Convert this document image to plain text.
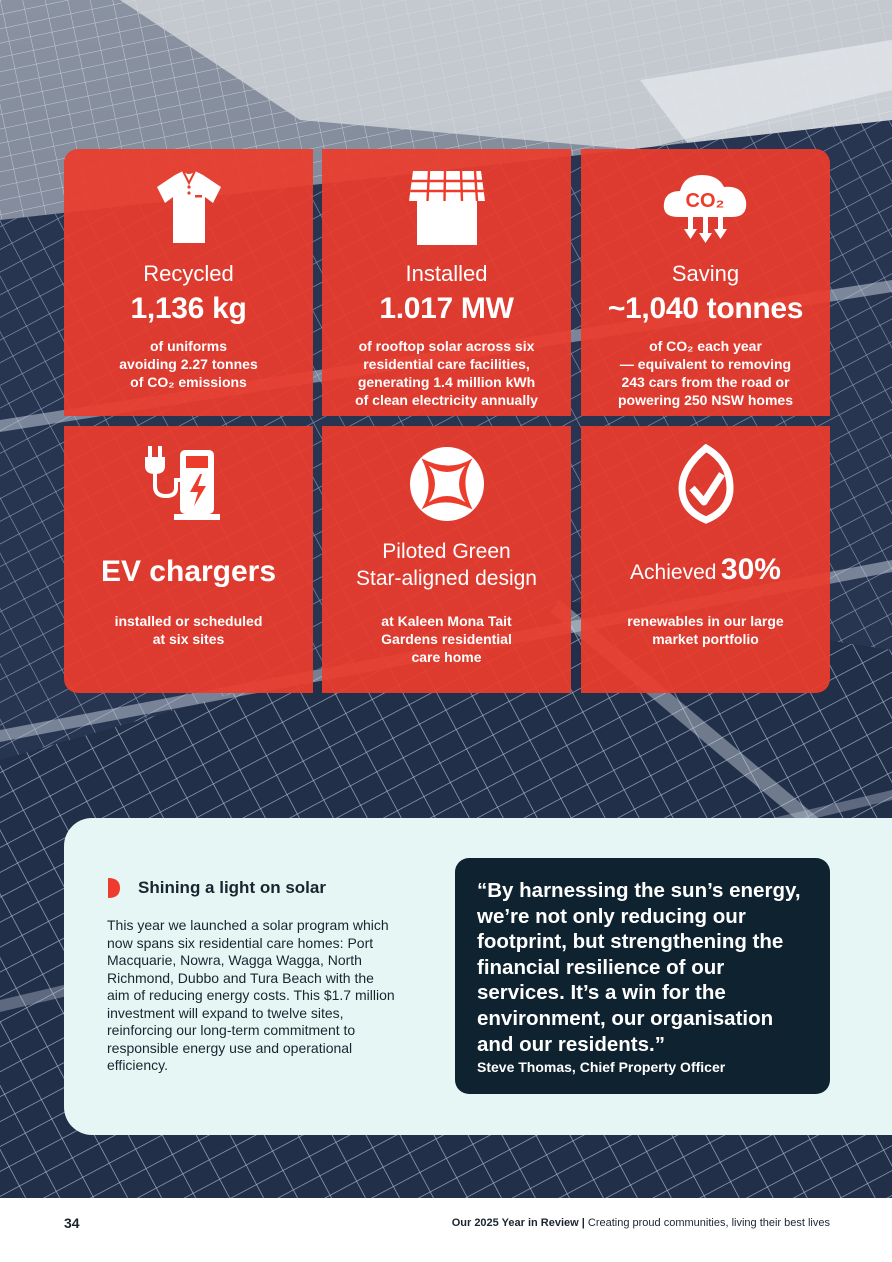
Recycled
1,136 kg
of uniforms
avoiding 2.27 tonnes
of CO₂ emissions
Installed
1.017 MW
of rooftop solar across six
residential care facilities,
generating 1.4 million kWh
of clean electricity annually
CO₂
Saving
~1,040 tonnes
of CO₂ each year
— equivalent to removing
243 cars from the road or
powering 250 NSW homes
EV chargers
installed or scheduled
at six sites
Piloted Green
Star-aligned design
at Kaleen Mona Tait
Gardens residential
care home
Achieved 30%
renewables in our large
market portfolio
Shining a light on solar
This year we launched a solar program which now spans six residential care homes: Port Macquarie, Nowra, Wagga Wagga, North Richmond, Dubbo and Tura Beach with the aim of reducing energy costs. This $1.7 million investment will expand to twelve sites, reinforcing our long-term commitment to responsible energy use and operational efficiency.
“By harnessing the sun’s energy, we’re not only reducing our footprint, but strengthening the financial resilience of our services. It’s a win for the environment, our organisation and our residents.”
Steve Thomas, Chief Property Officer
34	Our 2025 Year in Review | Creating proud communities, living their best lives
